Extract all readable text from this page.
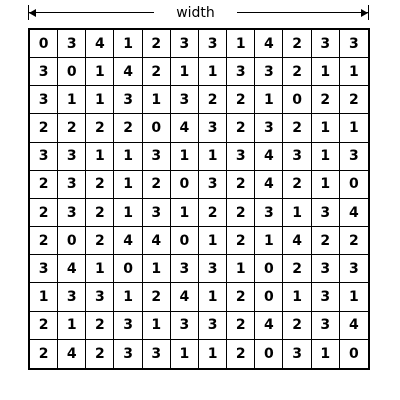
width
0	3	4	1	2	3	3	1	4	2	3	3
3	0	1	4	2	1	1	3	3	2	1	1
3	1	1	3	1	3	2	2	1	0	2	2
2	2	2	2	0	4	3	2	3	2	1	1
3	3	1	1	3	1	1	3	4	3	1	3
2	3	2	1	2	0	3	2	4	2	1	0
2	3	2	1	3	1	2	2	3	1	3	4
2	0	2	4	4	0	1	2	1	4	2	2
3	4	1	0	1	3	3	1	0	2	3	3
1	3	3	1	2	4	1	2	0	1	3	1
2	1	2	3	1	3	3	2	4	2	3	4
2	4	2	3	3	1	1	2	0	3	1	0
